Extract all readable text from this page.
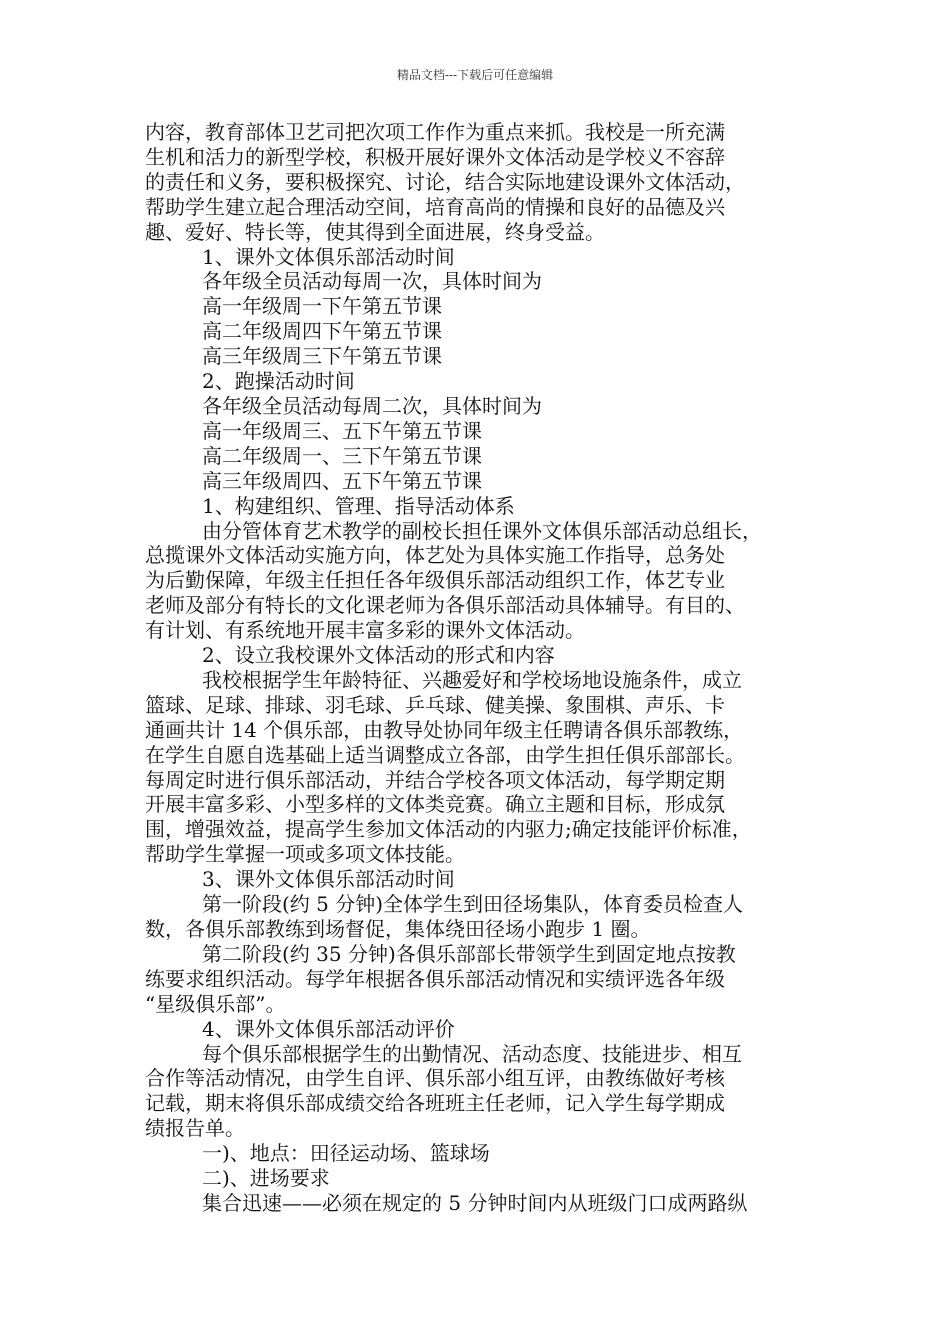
精品文档---下载后可任意编辑

内容，教育部体卫艺司把次项工作作为重点来抓。我校是一所充满

生机和活力的新型学校，积极开展好课外文体活动是学校义不容辞

的责任和义务，要积极探究、讨论，结合实际地建设课外文体活动，

帮助学生建立起合理活动空间，培育高尚的情操和良好的品德及兴

趣、爱好、特长等，使其得到全面进展，终身受益。

1、课外文体俱乐部活动时间

各年级全员活动每周一次，具体时间为

高一年级周一下午第五节课

高二年级周四下午第五节课

高三年级周三下午第五节课

2、跑操活动时间

各年级全员活动每周二次，具体时间为

高一年级周三、五下午第五节课

高二年级周一、三下午第五节课

高三年级周四、五下午第五节课

1、构建组织、管理、指导活动体系

由分管体育艺术教学的副校长担任课外文体俱乐部活动总组长，

总揽课外文体活动实施方向，体艺处为具体实施工作指导，总务处

为后勤保障，年级主任担任各年级俱乐部活动组织工作，体艺专业

老师及部分有特长的文化课老师为各俱乐部活动具体辅导。有目的、

有计划、有系统地开展丰富多彩的课外文体活动。

2、设立我校课外文体活动的形式和内容

我校根据学生年龄特征、兴趣爱好和学校场地设施条件，成立

篮球、足球、排球、羽毛球、乒乓球、健美操、象围棋、声乐、卡

通画共计 14 个俱乐部，由教导处协同年级主任聘请各俱乐部教练，

在学生自愿自选基础上适当调整成立各部，由学生担任俱乐部部长。

每周定时进行俱乐部活动，并结合学校各项文体活动，每学期定期

开展丰富多彩、小型多样的文体类竞赛。确立主题和目标，形成氛

围，增强效益，提高学生参加文体活动的内驱力;确定技能评价标准，

帮助学生掌握一项或多项文体技能。

3、课外文体俱乐部活动时间

第一阶段(约 5 分钟)全体学生到田径场集队，体育委员检查人

数，各俱乐部教练到场督促，集体绕田径场小跑步 1 圈。

第二阶段(约 35 分钟)各俱乐部部长带领学生到固定地点按教

练要求组织活动。每学年根据各俱乐部活动情况和实绩评选各年级

“星级俱乐部”。

4、课外文体俱乐部活动评价

每个俱乐部根据学生的出勤情况、活动态度、技能进步、相互

合作等活动情况，由学生自评、俱乐部小组互评，由教练做好考核

记载，期末将俱乐部成绩交给各班班主任老师，记入学生每学期成

绩报告单。

一)、地点：田径运动场、篮球场

二)、进场要求

集合迅速——必须在规定的 5 分钟时间内从班级门口成两路纵
